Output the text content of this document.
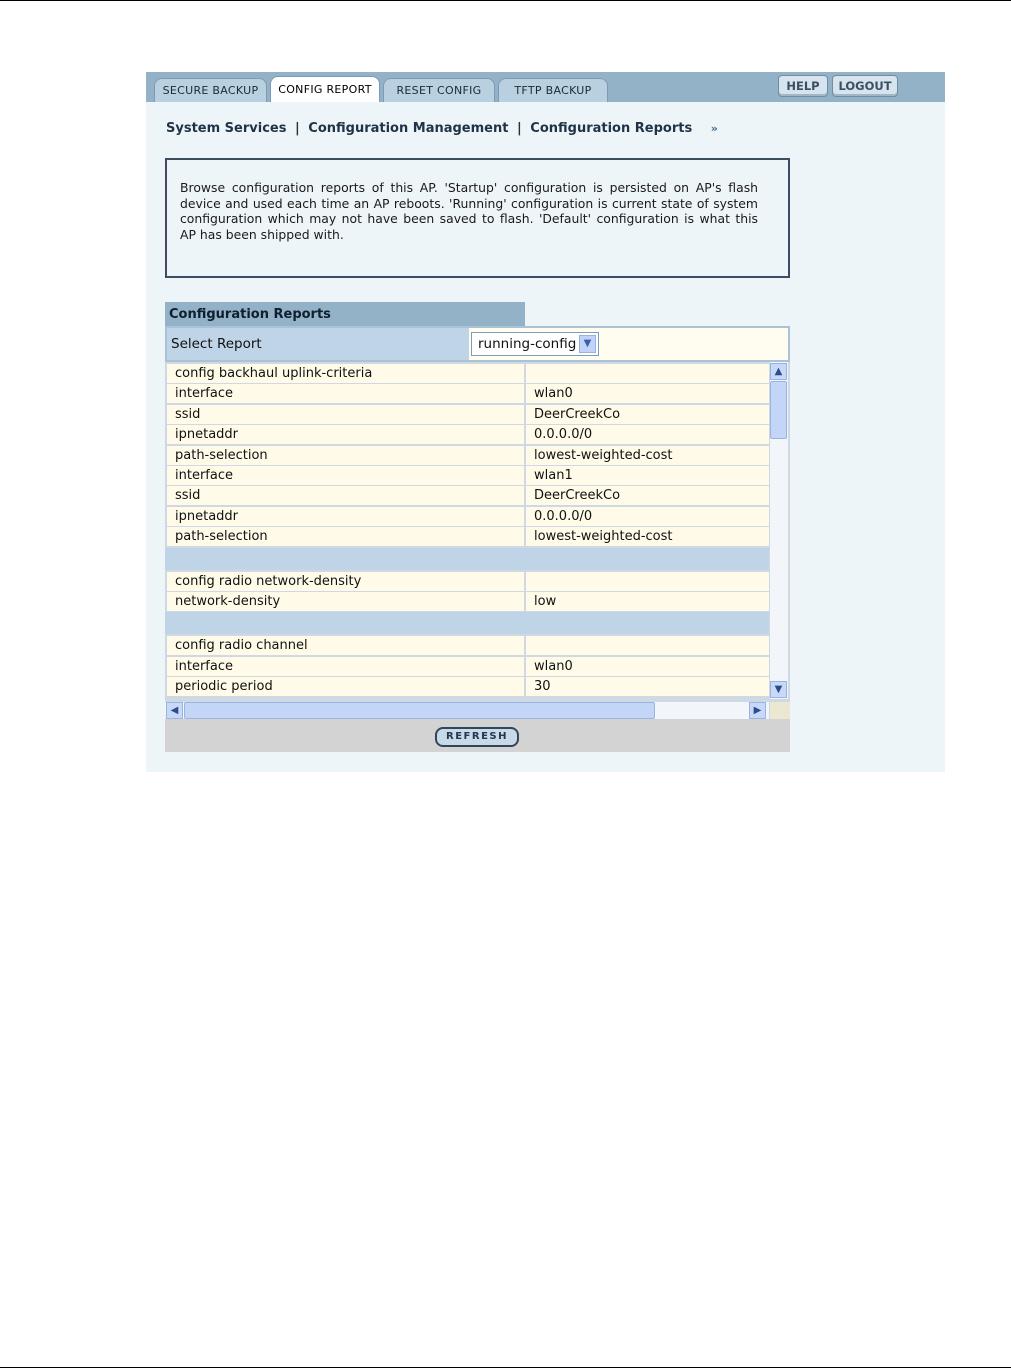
SECURE BACKUP	CONFIG REPORT	RESET CONFIG	TFTP BACKUP	HELP	LOGOUT
System Services | Configuration Management | Configuration Reports »
Browse configuration reports of this AP. 'Startup' configuration is persisted on AP's flash device and used each time an AP reboots. 'Running' configuration is current state of system configuration which may not have been saved to flash. 'Default' configuration is what this AP has been shipped with.
Configuration Reports
Select Report	running-config ▼
config backhaul uplink-criteria
interface	wlan0
ssid	DeerCreekCo
ipnetaddr	0.0.0.0/0
path-selection	lowest-weighted-cost
interface	wlan1
ssid	DeerCreekCo
ipnetaddr	0.0.0.0/0
path-selection	lowest-weighted-cost
config radio network-density
network-density	low
config radio channel
interface	wlan0
periodic period	30
▲
▼
◀	▶
REFRESH
